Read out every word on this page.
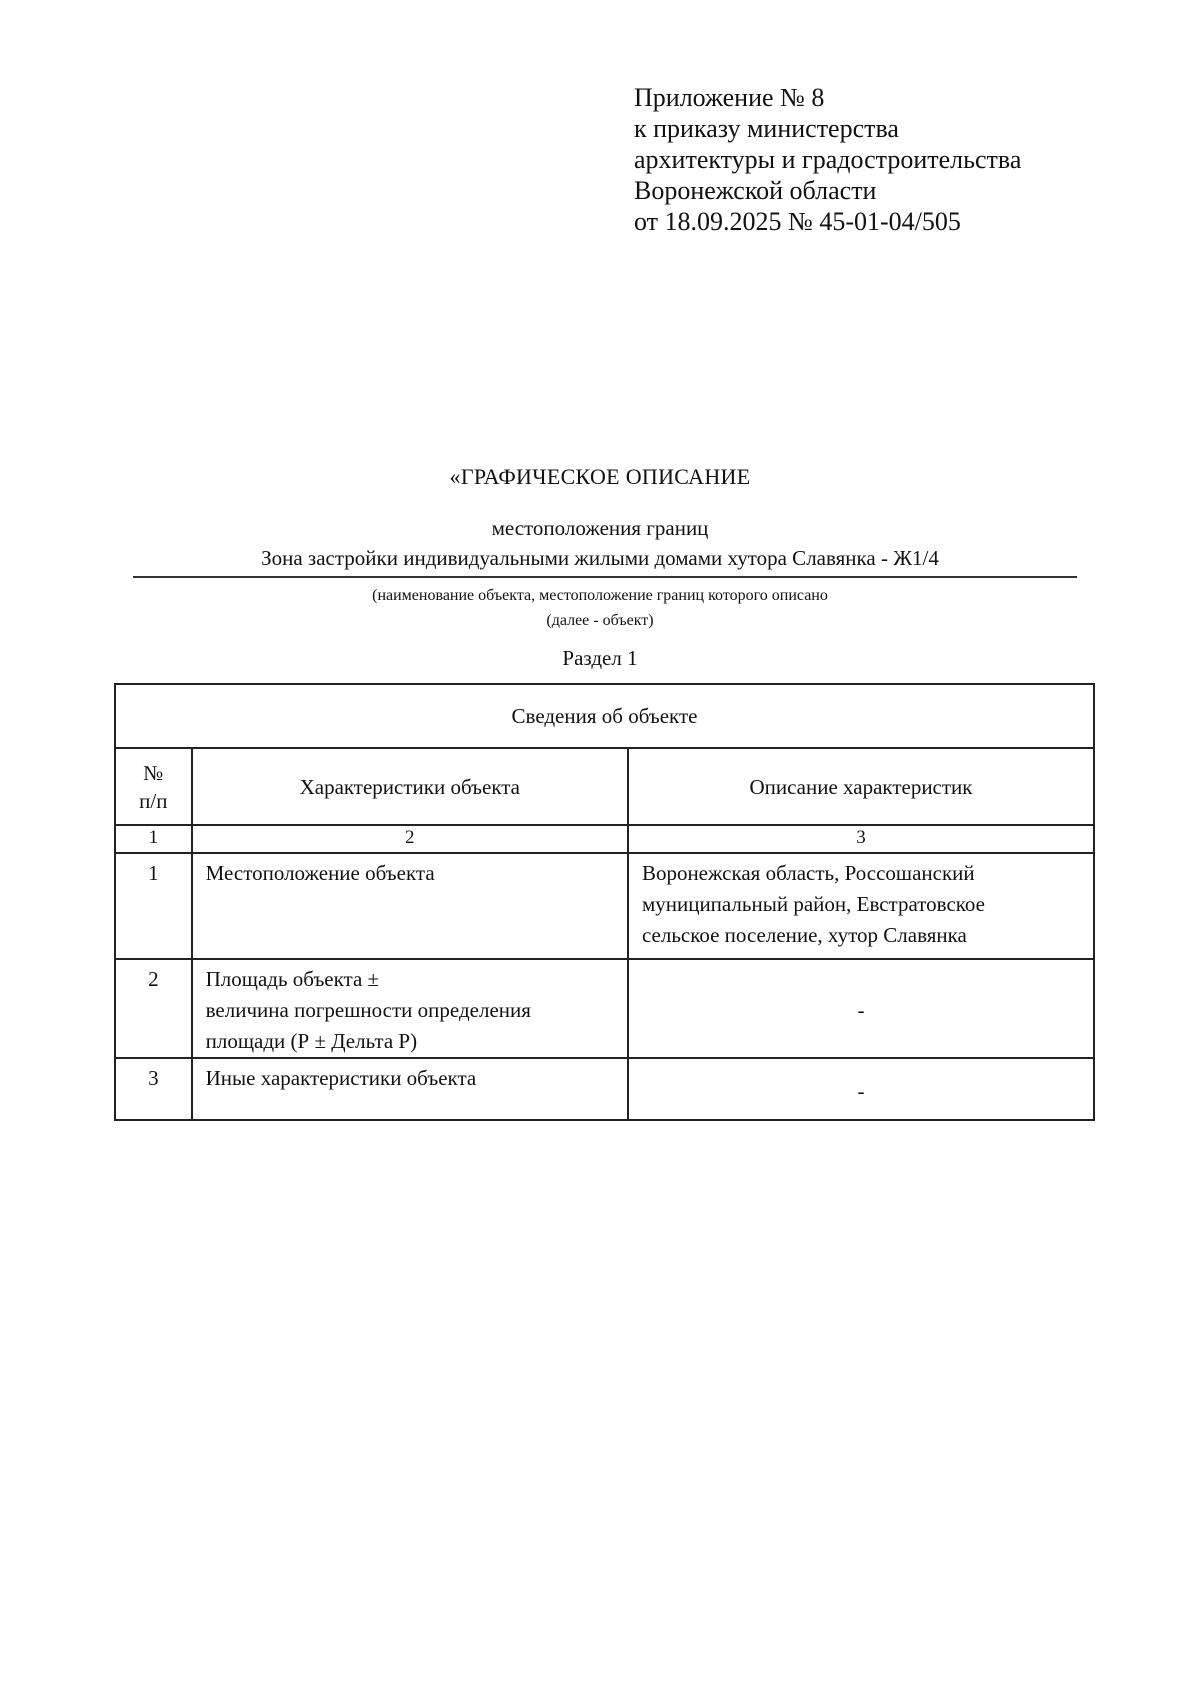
Приложение № 8
к приказу министерства
архитектуры и градостроительства
Воронежской области
от 18.09.2025 № 45-01-04/505
«ГРАФИЧЕСКОЕ ОПИСАНИЕ
местоположения границ
Зона застройки индивидуальными жилыми домами хутора Славянка - Ж1/4
(наименование объекта, местоположение границ которого описано
(далее - объект)
Раздел 1
Сведения об объекте		

№
п/п	Характеристики объекта	Описание характеристик
1	2	3
1	Местоположение объекта	Воронежская область, Россошанский
муниципальный район, Евстратовское
сельское поселение, хутор Славянка

2	Площадь объекта ±
величина погрешности определения
площади (Р ± Дельта Р)	-
3	Иные характеристики объекта	-
